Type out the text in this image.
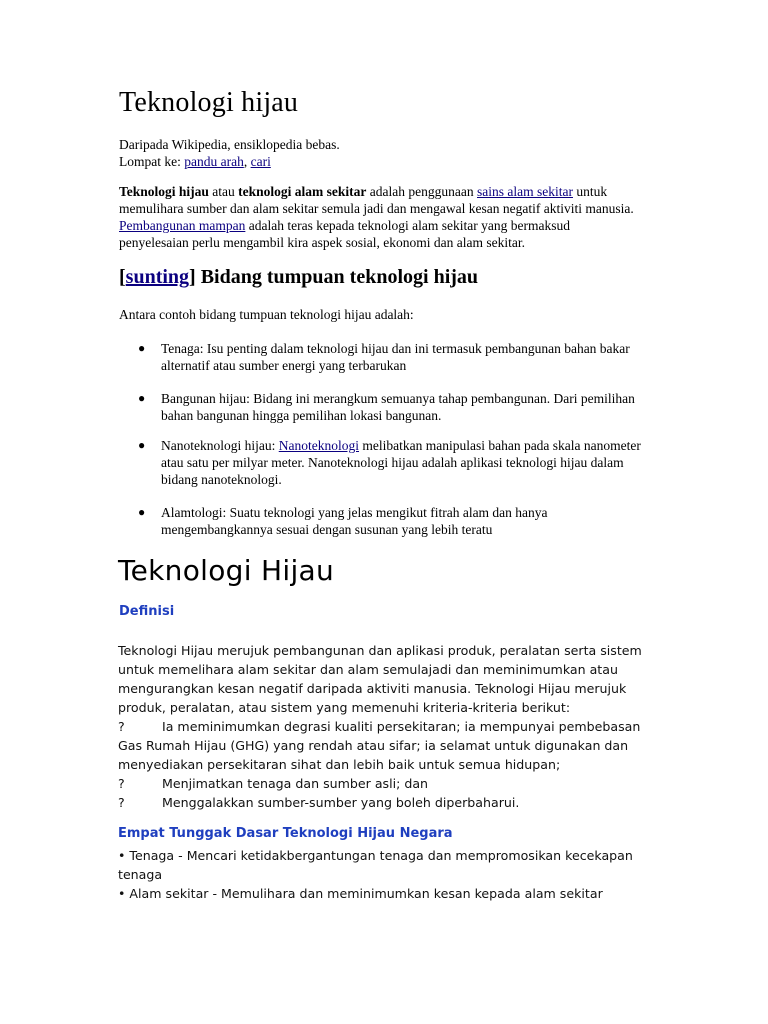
Teknologi hijau
Daripada Wikipedia, ensiklopedia bebas.
Lompat ke: pandu arah, cari
Teknologi hijau atau teknologi alam sekitar adalah penggunaan sains alam sekitar untuk memulihara sumber dan alam sekitar semula jadi dan mengawal kesan negatif aktiviti manusia. Pembangunan mampan adalah teras kepada teknologi alam sekitar yang bermaksud penyelesaian perlu mengambil kira aspek sosial, ekonomi dan alam sekitar.
[sunting] Bidang tumpuan teknologi hijau
Antara contoh bidang tumpuan teknologi hijau adalah:
● Tenaga: Isu penting dalam teknologi hijau dan ini termasuk pembangunan bahan bakar alternatif atau sumber energi yang terbarukan
● Bangunan hijau: Bidang ini merangkum semuanya tahap pembangunan. Dari pemilihan bahan bangunan hingga pemilihan lokasi bangunan.
● Nanoteknologi hijau: Nanoteknologi melibatkan manipulasi bahan pada skala nanometer atau satu per milyar meter. Nanoteknologi hijau adalah aplikasi teknologi hijau dalam bidang nanoteknologi.
● Alamtologi: Suatu teknologi yang jelas mengikut fitrah alam dan hanya mengembangkannya sesuai dengan susunan yang lebih teratu
Teknologi Hijau
Definisi
Teknologi Hijau merujuk pembangunan dan aplikasi produk, peralatan serta sistem untuk memelihara alam sekitar dan alam semulajadi dan meminimumkan atau mengurangkan kesan negatif daripada aktiviti manusia. Teknologi Hijau merujuk produk, peralatan, atau sistem yang memenuhi kriteria-kriteria berikut:
?	Ia meminimumkan degrasi kualiti persekitaran; ia mempunyai pembebasan
Gas Rumah Hijau (GHG) yang rendah atau sifar; ia selamat untuk digunakan dan menyediakan persekitaran sihat dan lebih baik untuk semua hidupan;
?	Menjimatkan tenaga dan sumber asli; dan
?	Menggalakkan sumber-sumber yang boleh diperbaharui.
Empat Tunggak Dasar Teknologi Hijau Negara
• Tenaga - Mencari ketidakbergantungan tenaga dan mempromosikan kecekapan tenaga
• Alam sekitar - Memulihara dan meminimumkan kesan kepada alam sekitar
